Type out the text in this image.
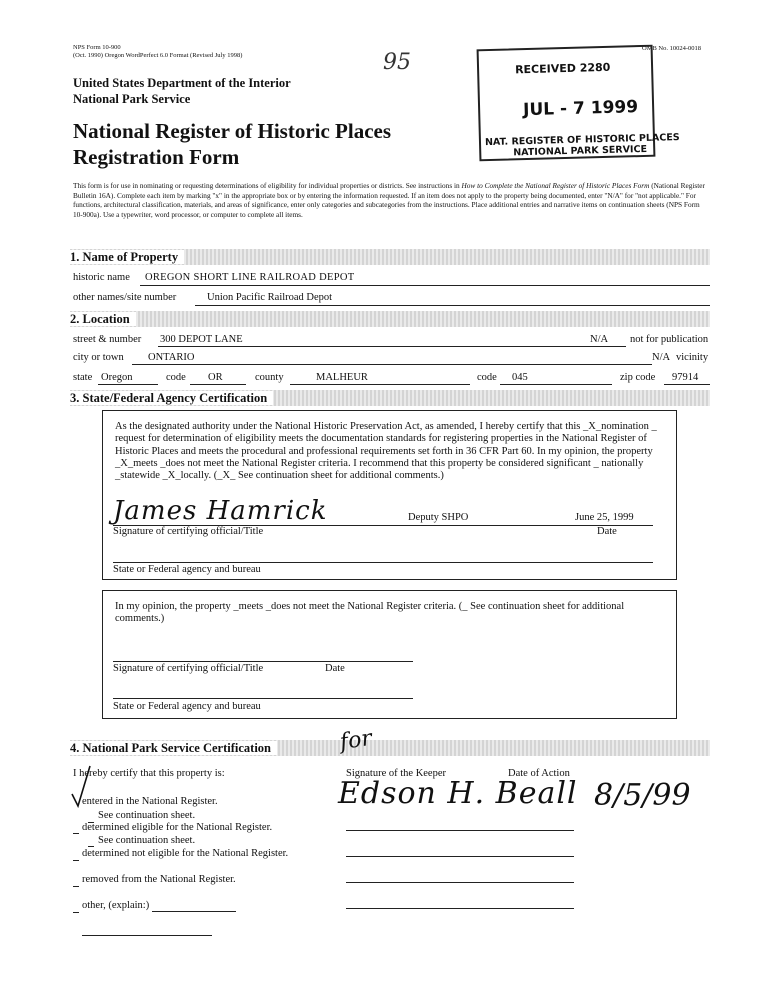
NPS Form 10-900
(Oct. 1990) Oregon WordPerfect 6.0 Format (Revised July 1998)
OMB No. 10024-0018
United States Department of the Interior
National Park Service
National Register of Historic Places
Registration Form
95	RECEIVED 2280
JUL - 7 1999
NAT. REGISTER OF HISTORIC PLACES
NATIONAL PARK SERVICE
This form is for use in nominating or requesting determinations of eligibility for individual properties or districts. See instructions in How to Complete the National Register of Historic Places Form (National Register Bulletin 16A). Complete each item by marking "x" in the appropriate box or by entering the information requested. If an item does not apply to the property being documented, enter "N/A" for "not applicable." For functions, architectural classification, materials, and areas of significance, enter only categories and subcategories from the instructions. Place additional entries and narrative items on continuation sheets (NPS Form 10-900a). Use a typewriter, word processor, or computer to complete all items.
1. Name of Property
historic name OREGON SHORT LINE RAILROAD DEPOT
other names/site number	Union Pacific Railroad Depot
2. Location
street & number 300 DEPOT LANE	N/A not for publication
city or town ONTARIO	N/A vicinity
state Oregon	code OR	county	MALHEUR	code 045	zip code 97914
3. State/Federal Agency Certification
As the designated authority under the National Historic Preservation Act, as amended, I hereby certify that this _X_nomination _ request for determination of eligibility meets the documentation standards for registering properties in the National Register of Historic Places and meets the procedural and professional requirements set forth in 36 CFR Part 60. In my opinion, the property _X_meets _does not meet the National Register criteria. I recommend that this property be considered significant _ nationally _statewide _X_locally. (_X_ See continuation sheet for additional comments.)
James Hamrick	Deputy SHPO	June 25, 1999
Signature of certifying official/Title	Date
State or Federal agency and bureau
In my opinion, the property _meets _does not meet the National Register criteria. (_ See continuation sheet for additional comments.)
Signature of certifying official/Title	Date
State or Federal agency and bureau
4. National Park Service Certification
I hereby certify that this property is:	Signature of the Keeper	Date of Action
for
Edson H. Beall 8/5/99
entered in the National Register.
See continuation sheet.
determined eligible for the National Register.
See continuation sheet.
determined not eligible for the National Register.
removed from the National Register.
other, (explain:)
